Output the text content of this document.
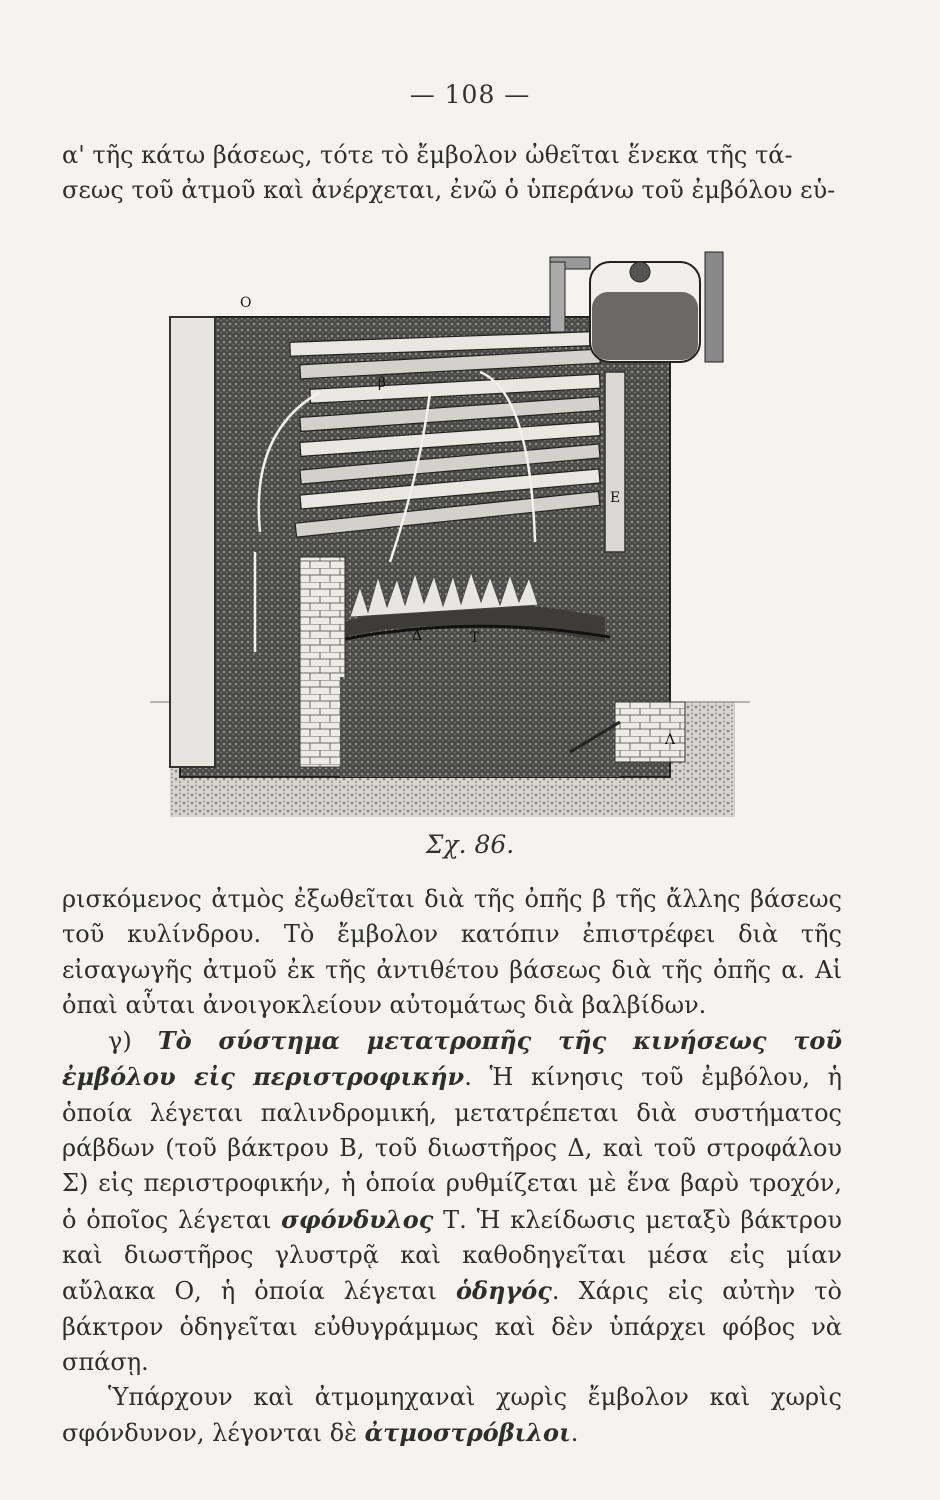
— 108 —
α' τῆς κάτω βάσεως, τότε τὸ ἔμβολον ὠθεῖται ἕνεκα τῆς τά-
σεως τοῦ ἀτμοῦ καὶ ἀνέρχεται, ἐνῶ ὁ ὑπεράνω τοῦ ἐμβόλου εὑ-
β
E
Δ	T
O
Λ
Σχ. 86.

ρισκόμενος ἀτμὸς ἐξωθεῖται διὰ τῆς ὀπῆς β τῆς ἄλλης βάσεως τοῦ κυλίνδρου. Τὸ ἔμβολον κατόπιν ἐπιστρέφει διὰ τῆς εἰσαγωγῆς ἀτμοῦ ἐκ τῆς ἀντιθέτου βάσεως διὰ τῆς ὀπῆς α. Αἱ ὀπαὶ αὗται ἀνοιγοκλείουν αὐτομάτως διὰ βαλβίδων.

γ) Τὸ σύστημα μετατροπῆς τῆς κινήσεως τοῦ ἐμβόλου εἰς περιστροφικήν. Ἡ κίνησις τοῦ ἐμβόλου, ἡ ὁποία λέγεται παλινδρομική, μετατρέπεται διὰ συστήματος ράβδων (τοῦ βάκτρου Β, τοῦ διωστῆρος Δ, καὶ τοῦ στροφάλου Σ) εἰς περιστροφικήν, ἡ ὁποία ρυθμίζεται μὲ ἕνα βαρὺ τροχόν, ὁ ὁποῖος λέγεται σφόνδυλος Τ. Ἡ κλείδωσις μεταξὺ βάκτρου καὶ διωστῆρος γλυστρᾷ καὶ καθοδηγεῖται μέσα εἰς μίαν αὔλακα Ο, ἡ ὁποία λέγεται ὁδηγός. Χάρις εἰς αὐτὴν τὸ βάκτρον ὁδηγεῖται εὐθυγράμμως καὶ δὲν ὑπάρχει φόβος νὰ σπάσῃ.

Ὑπάρχουν καὶ ἀτμομηχαναὶ χωρὶς ἔμβολον καὶ χωρὶς σφόνδυνον, λέγονται δὲ ἀτμοστρόβιλοι.
